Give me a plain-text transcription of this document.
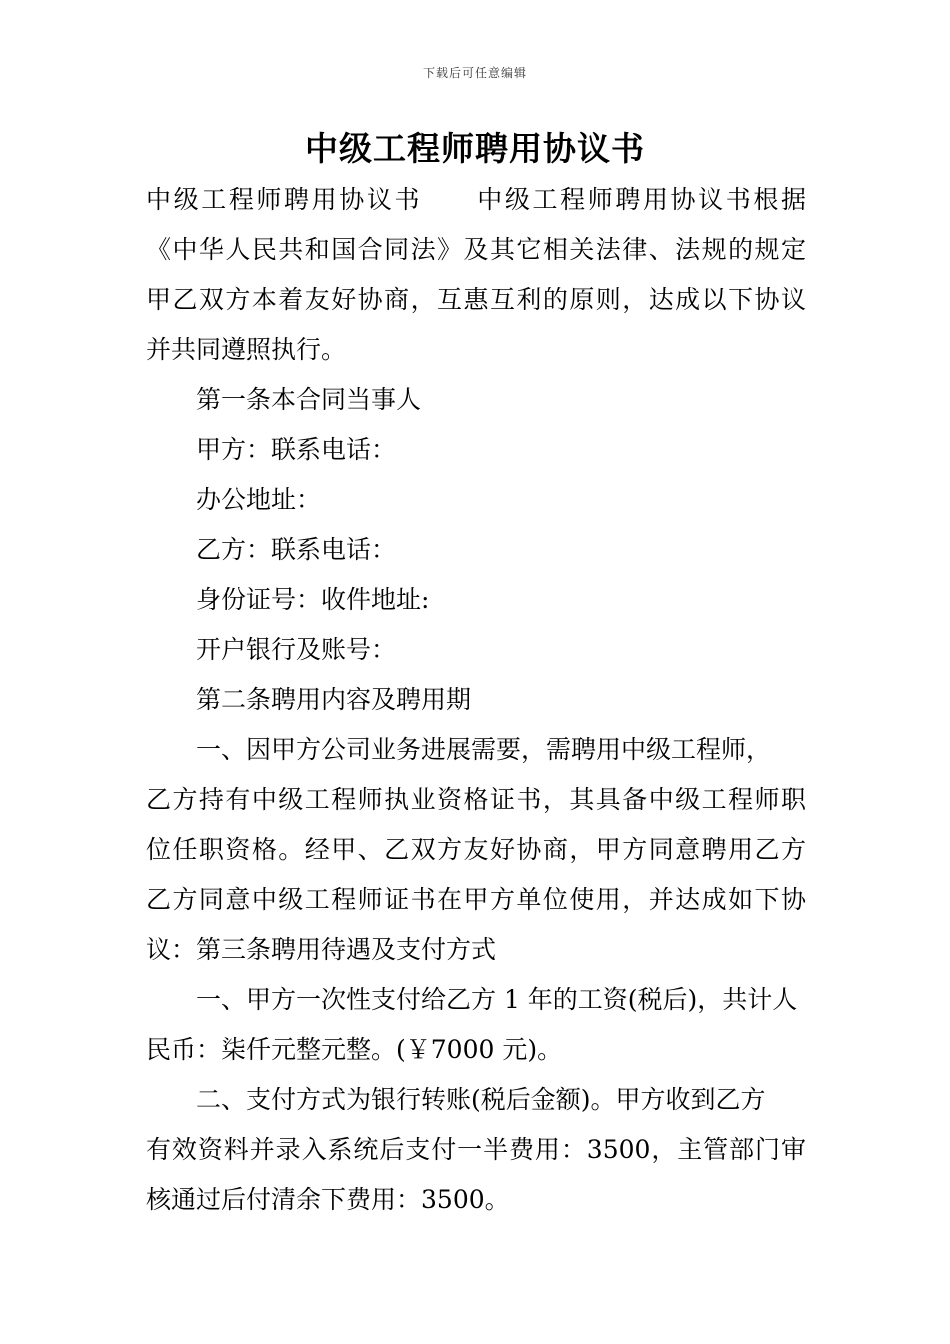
下载后可任意编辑
中级工程师聘用协议书
中级工程师聘用协议书　　中级工程师聘用协议书根据
《中华人民共和国合同法》及其它相关法律、法规的规定
甲乙双方本着友好协商，互惠互利的原则，达成以下协议
并共同遵照执行。
第一条本合同当事人
甲方：联系电话：
办公地址：
乙方：联系电话：
身份证号：收件地址:
开户银行及账号：
第二条聘用内容及聘用期
一、因甲方公司业务进展需要，需聘用中级工程师，
乙方持有中级工程师执业资格证书，其具备中级工程师职
位任职资格。经甲、乙双方友好协商，甲方同意聘用乙方
乙方同意中级工程师证书在甲方单位使用，并达成如下协
议：第三条聘用待遇及支付方式
一、甲方一次性支付给乙方 1 年的工资(税后)，共计人
民币：柒仟元整元整。(￥7000 元)。
二、支付方式为银行转账(税后金额)。甲方收到乙方
有效资料并录入系统后支付一半费用：3500，主管部门审
核通过后付清余下费用：3500。
